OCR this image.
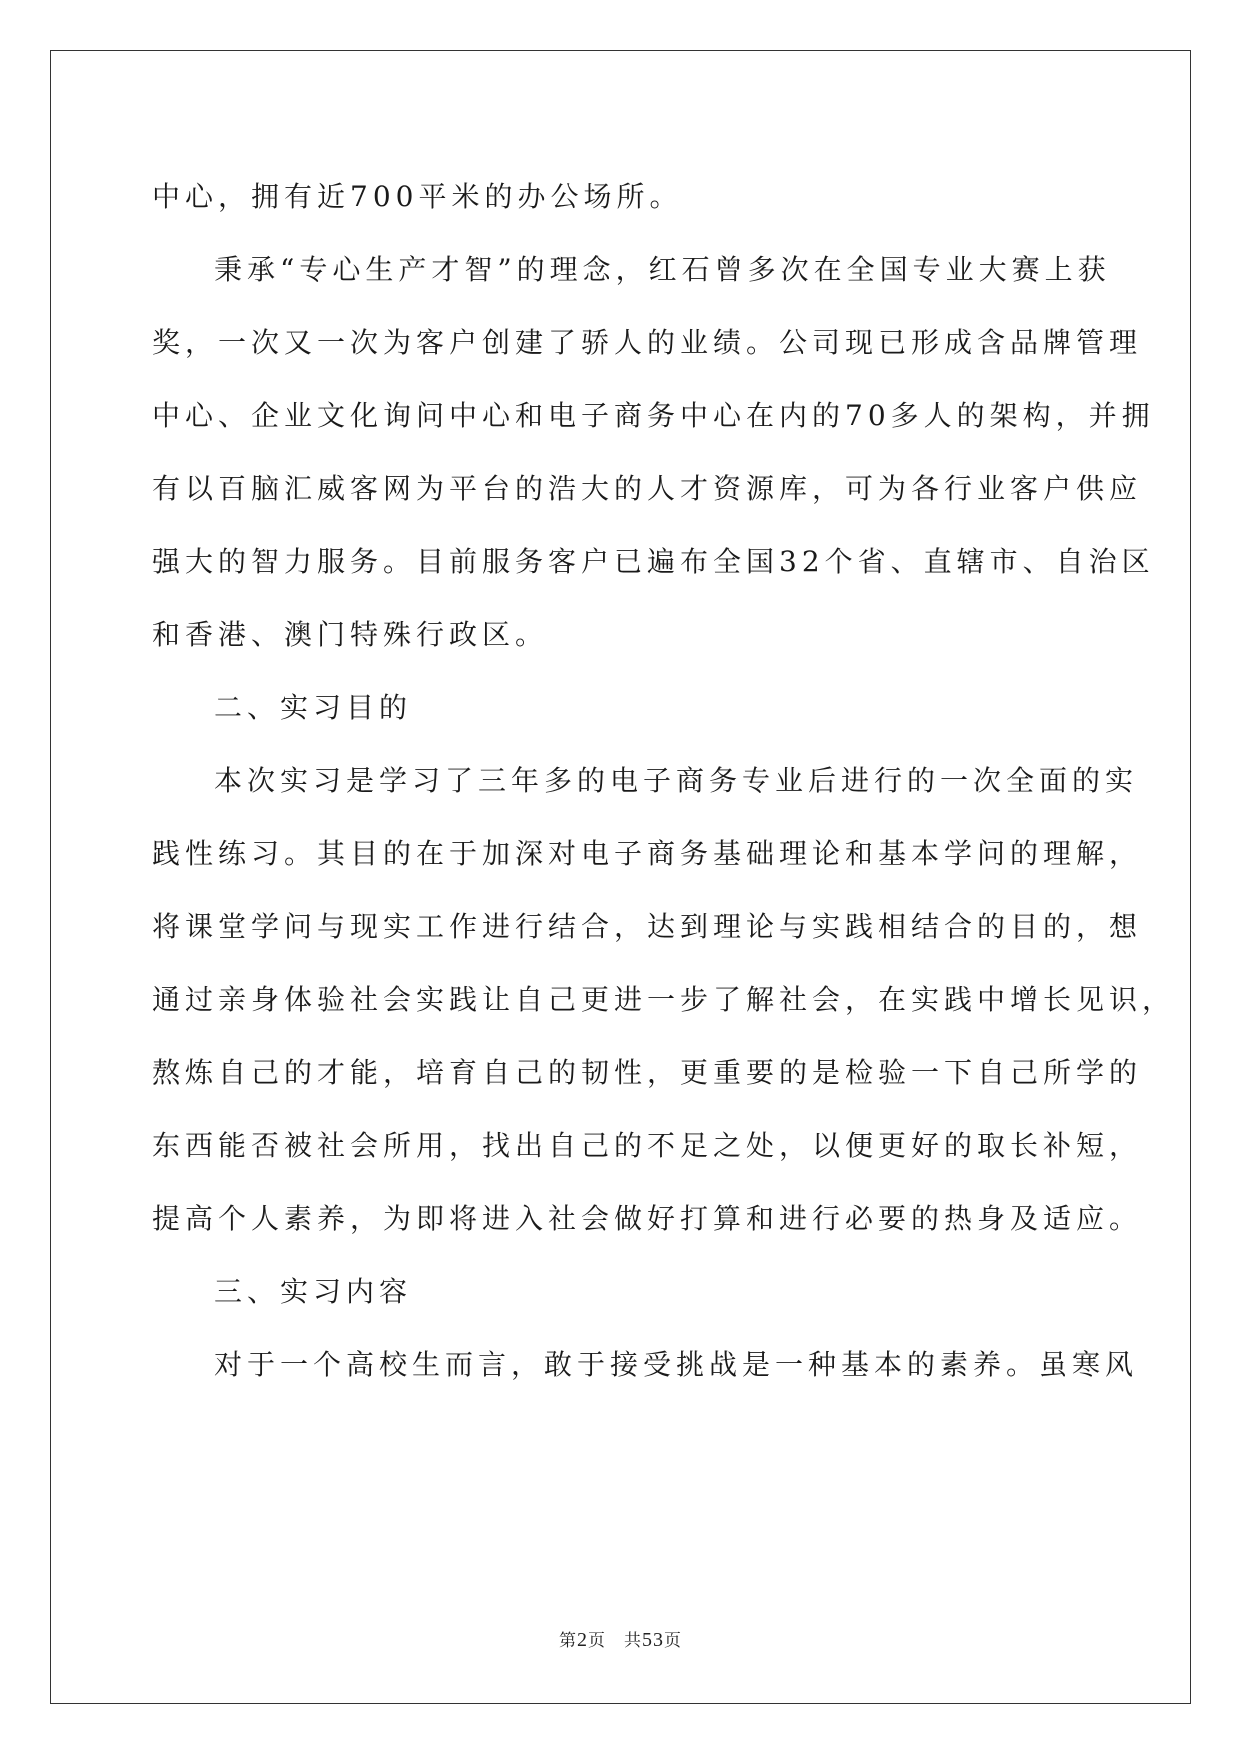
中心，拥有近700平米的办公场所。
秉承“专心生产才智”的理念，红石曾多次在全国专业大赛上获
奖，一次又一次为客户创建了骄人的业绩。公司现已形成含品牌管理
中心、企业文化询问中心和电子商务中心在内的70多人的架构，并拥
有以百脑汇威客网为平台的浩大的人才资源库，可为各行业客户供应
强大的智力服务。目前服务客户已遍布全国32个省、直辖市、自治区
和香港、澳门特殊行政区。
二、实习目的
本次实习是学习了三年多的电子商务专业后进行的一次全面的实
践性练习。其目的在于加深对电子商务基础理论和基本学问的理解，
将课堂学问与现实工作进行结合，达到理论与实践相结合的目的，想
通过亲身体验社会实践让自己更进一步了解社会，在实践中增长见识，
熬炼自己的才能，培育自己的韧性，更重要的是检验一下自己所学的
东西能否被社会所用，找出自己的不足之处，以便更好的取长补短，
提高个人素养，为即将进入社会做好打算和进行必要的热身及适应。
三、实习内容
对于一个高校生而言，敢于接受挑战是一种基本的素养。虽寒风
第2页 共53页
